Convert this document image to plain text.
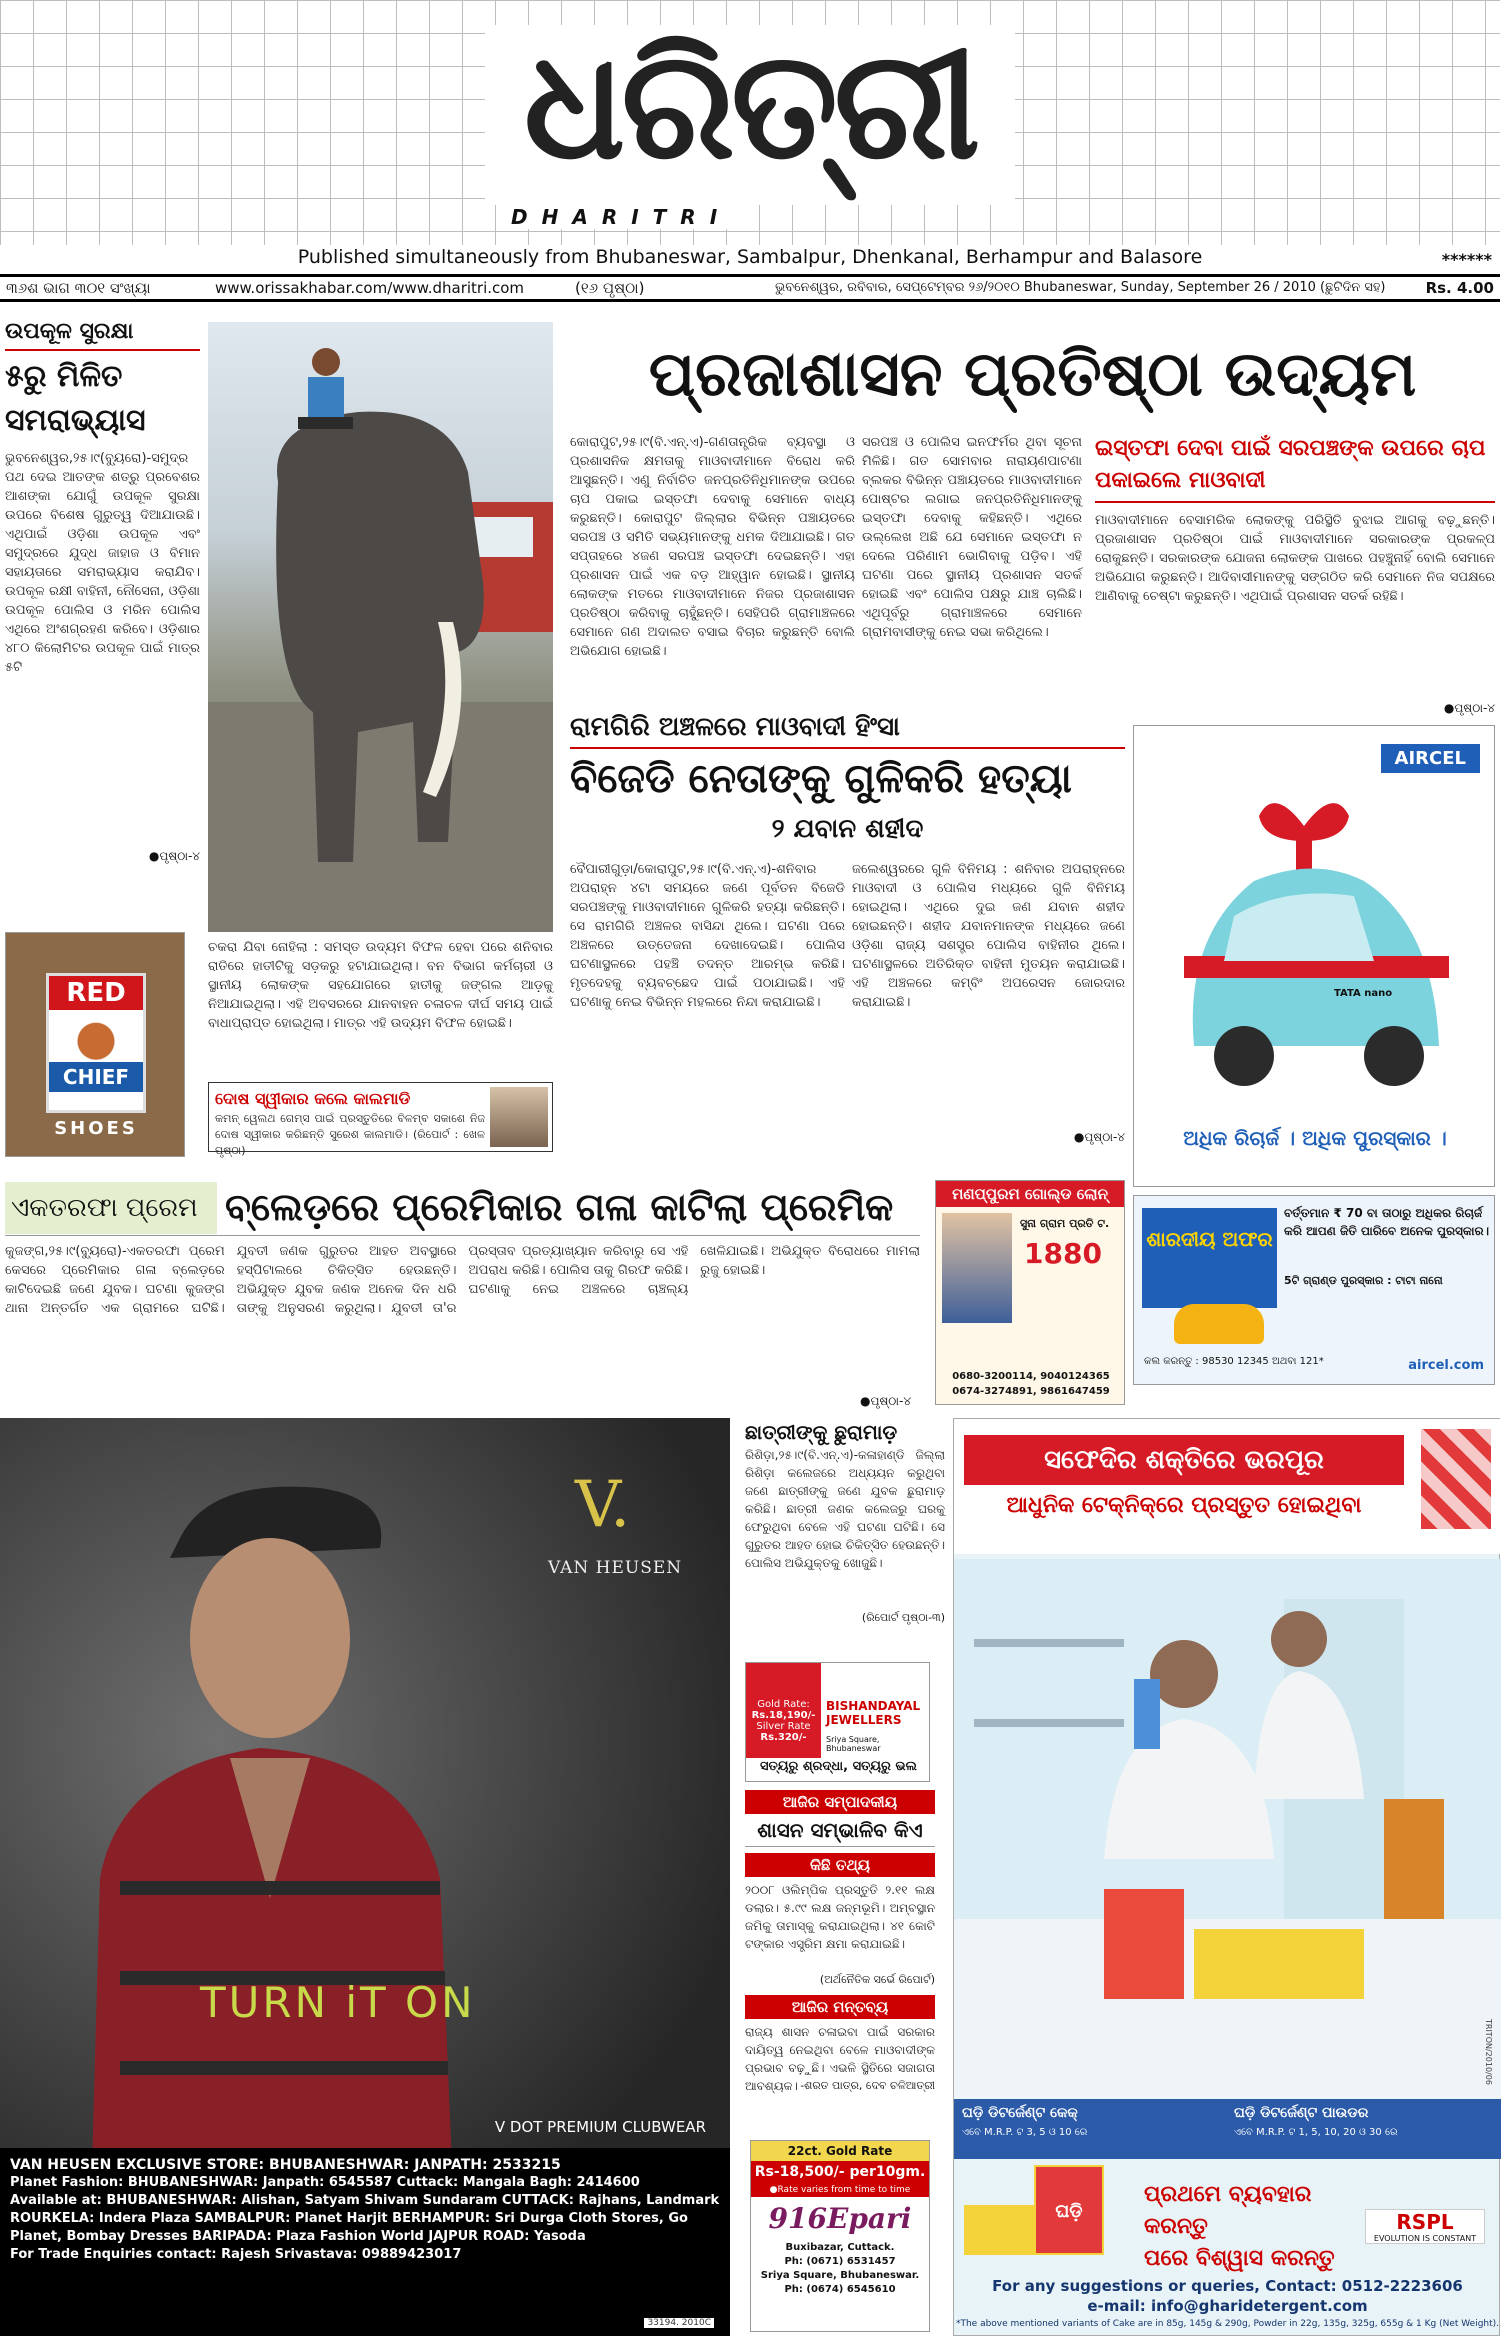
ଧରିତ୍ରୀ
DHARITRI
Published simultaneously from Bhubaneswar, Sambalpur, Dhenkanal, Berhampur and Balasore	******
୩୬ଶ ଭାଗ ୩୦୧ ସଂଖ୍ୟା	www.orissakhabar.com/www.dharitri.com	(୧୬ ପୃଷ୍ଠା)	ଭୁବନେଶ୍ୱର, ରବିବାର, ସେପ୍ଟେମ୍ବର ୨୬/୨୦୧୦ Bhubaneswar, Sunday, September 26 / 2010 (ଛୁଟିଦିନ ସହ)	Rs. 4.00
ଉପକୂଳ ସୁରକ୍ଷା
୫ରୁ ମିଳିତ ସମରାଭ୍ୟାସ
ଭୁବନେଶ୍ୱର,୨୫।୯(ବ୍ୟୁରୋ)-ସମୁଦ୍ର ପଥ ଦେଇ ଆତଙ୍କ ଶତ୍ରୁ ପ୍ରବେଶର ଆଶଙ୍କା ଯୋଗୁଁ ଉପକୂଳ ସୁରକ୍ଷା ଉପରେ ବିଶେଷ ଗୁରୁତ୍ୱ ଦିଆଯାଉଛି। ଏଥିପାଇଁ ଓଡ଼ିଶା ଉପକୂଳ ଏବଂ ସମୁଦ୍ରରେ ଯୁଦ୍ଧ ଜାହାଜ ଓ ବିମାନ ସହାୟତାରେ ସମରାଭ୍ୟାସ କରାଯିବ। ଉପକୂଳ ରକ୍ଷୀ ବାହିନୀ, ନୌସେନା, ଓଡ଼ିଶା ଉପକୂଳ ପୋଲିସ ଓ ମରିନ ପୋଲିସ ଏଥିରେ ଅଂଶଗ୍ରହଣ କରିବେ। ଓଡ଼ିଶାର ୪୮୦ କିଲୋମିଟର ଉପକୂଳ ପାଇଁ ମାତ୍ର ୫ଟି
●ପୃଷ୍ଠା-୪
RED
CHIEF
SHOES
ପ୍ରଜାଶାସନ ପ୍ରତିଷ୍ଠା ଉଦ୍ୟମ
କୋରାପୁଟ,୨୫।୯(ବି.ଏନ୍.ଏ)-ଗଣତାନ୍ତ୍ରିକ ବ୍ୟବସ୍ଥା ଓ ପ୍ରଶାସନିକ କ୍ଷମତାକୁ ମାଓବାଦୀମାନେ ବିରୋଧ କରି ଆସୁଛନ୍ତି। ଏଣୁ ନିର୍ବାଚିତ ଜନପ୍ରତିନିଧିମାନଙ୍କ ଉପରେ ଚାପ ପକାଇ ଇସ୍ତଫା ଦେବାକୁ ସେମାନେ ବାଧ୍ୟ କରୁଛନ୍ତି। କୋରାପୁଟ ଜିଲ୍ଲାର ବିଭିନ୍ନ ପଞ୍ଚାୟତରେ ସରପଞ୍ଚ ଓ ସମିତି ସଭ୍ୟମାନଙ୍କୁ ଧମକ ଦିଆଯାଇଛି। ଗତ ସପ୍ତାହରେ ୪ଜଣ ସରପଞ୍ଚ ଇସ୍ତଫା ଦେଇଛନ୍ତି। ଏହା ପ୍ରଶାସନ ପାଇଁ ଏକ ବଡ଼ ଆହ୍ୱାନ ହୋଇଛି। ସ୍ଥାନୀୟ ଲୋକଙ୍କ ମତରେ ମାଓବାଦୀମାନେ ନିଜର ପ୍ରଜାଶାସନ ପ୍ରତିଷ୍ଠା କରିବାକୁ ଚାହୁଁଛନ୍ତି। ସେହିପରି ଗ୍ରାମାଞ୍ଚଳରେ ସେମାନେ ଗଣ ଅଦାଲତ ବସାଇ ବିଚାର କରୁଛନ୍ତି ବୋଲି ଅଭିଯୋଗ ହୋଇଛି।
ସରପଞ୍ଚ ଓ ପୋଲିସ ଇନଫର୍ମର ଥିବା ସୂଚନା ମିଳିଛି। ଗତ ସୋମବାର ନାରାୟଣପାଟଣା ବ୍ଲକର ବିଭିନ୍ନ ପଞ୍ଚାୟତରେ ମାଓବାଦୀମାନେ ପୋଷ୍ଟର ଲଗାଇ ଜନପ୍ରତିନିଧିମାନଙ୍କୁ ଇସ୍ତଫା ଦେବାକୁ କହିଛନ୍ତି। ଏଥିରେ ଉଲ୍ଲେଖ ଅଛି ଯେ ସେମାନେ ଇସ୍ତଫା ନ ଦେଲେ ପରିଣାମ ଭୋଗିବାକୁ ପଡ଼ିବ। ଏହି ଘଟଣା ପରେ ସ୍ଥାନୀୟ ପ୍ରଶାସନ ସତର୍କ ହୋଇଛି ଏବଂ ପୋଲିସ ପକ୍ଷରୁ ଯାଞ୍ଚ ଚାଲିଛି। ଏଥିପୂର୍ବରୁ ଗ୍ରାମାଞ୍ଚଳରେ ସେମାନେ ଗ୍ରାମବାସୀଙ୍କୁ ନେଇ ସଭା କରିଥିଲେ।
ଇସ୍ତଫା ଦେବା ପାଇଁ ସରପଞ୍ଚଙ୍କ ଉପରେ ଚାପ ପକାଇଲେ ମାଓବାଦୀ
ମାଓବାଦୀମାନେ ବେସାମରିକ ଲୋକଙ୍କୁ ପରିସ୍ଥିତି ବୁଝାଇ ଆଗକୁ ବଢ଼ୁଛନ୍ତି। ପ୍ରଜାଶାସନ ପ୍ରତିଷ୍ଠା ପାଇଁ ମାଓବାଦୀମାନେ ସରକାରଙ୍କ ପ୍ରକଳ୍ପ ରୋକୁଛନ୍ତି। ସରକାରଙ୍କ ଯୋଜନା ଲୋକଙ୍କ ପାଖରେ ପହଞ୍ଚୁନାହିଁ ବୋଲି ସେମାନେ ଅଭିଯୋଗ କରୁଛନ୍ତି। ଆଦିବାସୀମାନଙ୍କୁ ସଙ୍ଗଠିତ କରି ସେମାନେ ନିଜ ସପକ୍ଷରେ ଆଣିବାକୁ ଚେଷ୍ଟା କରୁଛନ୍ତି। ଏଥିପାଇଁ ପ୍ରଶାସନ ସତର୍କ ରହିଛି।
●ପୃଷ୍ଠା-୪
ରାମଗିରି ଅଞ୍ଚଳରେ ମାଓବାଦୀ ହିଂସା
ବିଜେଡି ନେତାଙ୍କୁ ଗୁଳିକରି ହତ୍ୟା
୨ ଯବାନ ଶହୀଦ
ବୈପାରୀଗୁଡ଼ା/କୋରାପୁଟ,୨୫।୯(ବି.ଏନ୍.ଏ)-ଶନିବାର ଅପରାହ୍ନ ୪ଟା ସମୟରେ ଜଣେ ପୂର୍ବତନ ବିଜେଡି ସରପଞ୍ଚଙ୍କୁ ମାଓବାଦୀମାନେ ଗୁଳିକରି ହତ୍ୟା କରିଛନ୍ତି। ସେ ରାମଗିରି ଅଞ୍ଚଳର ବାସିନ୍ଦା ଥିଲେ। ଘଟଣା ପରେ ଅଞ୍ଚଳରେ ଉତ୍ତେଜନା ଦେଖାଦେଇଛି। ପୋଲିସ ଘଟଣାସ୍ଥଳରେ ପହଞ୍ଚି ତଦନ୍ତ ଆରମ୍ଭ କରିଛି। ମୃତଦେହକୁ ବ୍ୟବଚ୍ଛେଦ ପାଇଁ ପଠାଯାଇଛି। ଏହି ଘଟଣାକୁ ନେଇ ବିଭିନ୍ନ ମହଲରେ ନିନ୍ଦା କରାଯାଇଛି।
ଜଲେଶ୍ୱରରେ ଗୁଳି ବିନିମୟ : ଶନିବାର ଅପରାହ୍ନରେ ମାଓବାଦୀ ଓ ପୋଲିସ ମଧ୍ୟରେ ଗୁଳି ବିନିମୟ ହୋଇଥିଲା। ଏଥିରେ ଦୁଇ ଜଣ ଯବାନ ଶହୀଦ ହୋଇଛନ୍ତି। ଶହୀଦ ଯବାନମାନଙ୍କ ମଧ୍ୟରେ ଜଣେ ଓଡ଼ିଶା ରାଜ୍ୟ ସଶସ୍ତ୍ର ପୋଲିସ ବାହିନୀର ଥିଲେ। ଘଟଣାସ୍ଥଳରେ ଅତିରିକ୍ତ ବାହିନୀ ମୁତୟନ କରାଯାଇଛି। ଏହି ଅଞ୍ଚଳରେ କମ୍ବିଂ ଅପରେସନ ଜୋରଦାର କରାଯାଇଛି।
●ପୃଷ୍ଠା-୪
ଚକରା ଯିବା ନୋହିଲା : ସମସ୍ତ ଉଦ୍ୟମ ବିଫଳ ହେବା ପରେ ଶନିବାର ରାତିରେ ହାତୀଟିକୁ ସଡ଼କରୁ ହଟାଯାଇଥିଲା। ବନ ବିଭାଗ କର୍ମଚାରୀ ଓ ସ୍ଥାନୀୟ ଲୋକଙ୍କ ସହଯୋଗରେ ହାତୀକୁ ଜଙ୍ଗଲ ଆଡ଼କୁ ନିଆଯାଇଥିଲା। ଏହି ଅବସରରେ ଯାନବାହନ ଚଳାଚଳ ଦୀର୍ଘ ସମୟ ପାଇଁ ବାଧାପ୍ରାପ୍ତ ହୋଇଥିଲା। ମାତ୍ର ଏହି ଉଦ୍ୟମ ବିଫଳ ହୋଇଛି।
ଦୋଷ ସ୍ୱୀକାର କଲେ କାଲମାଡି
କମନ୍ ୱେଲଥ ଗେମ୍ସ ପାଇଁ ପ୍ରସ୍ତୁତିରେ ବିଳମ୍ବ ସକାଶେ ନିଜ ଦୋଷ ସ୍ୱୀକାର କରିଛନ୍ତି ସୁରେଶ କାଲମାଡି। (ରିପୋର୍ଟ : ଖେଳ ପୃଷ୍ଠା)
AIRCEL
TATA nano
ଅଧିକ ରିଚାର୍ଜ । ଅଧିକ ପୁରସ୍କାର ।
ଶାରଦୀୟ ଅଫର
ବର୍ତ୍ତମାନ ₹ 70 ବା ତାଠାରୁ ଅଧିକର ରିଚାର୍ଜ କରି ଆପଣ ଜିତି ପାରିବେ ଅନେକ ପୁରସ୍କାର।
5ଟି ଗ୍ରାଣ୍ଡ ପୁରସ୍କାର : ଟାଟା ନାନୋ
କଲ କରନ୍ତୁ : 98530 12345 ଅଥବା 121*	aircel.com
ଏକତରଫା ପ୍ରେମ ବ୍ଲେଡ଼ରେ ପ୍ରେମିକାର ଗଳା କାଟିଲା ପ୍ରେମିକ
କୁଜଙ୍ଗ,୨୫।୯(ବ୍ୟୁରୋ)-ଏକତରଫା ପ୍ରେମ କେସରେ ପ୍ରେମିକାର ଗଳା ବ୍ଲେଡ଼ରେ କାଟିଦେଇଛି ଜଣେ ଯୁବକ। ଘଟଣା କୁଜଙ୍ଗ ଥାନା ଅନ୍ତର୍ଗତ ଏକ ଗ୍ରାମରେ ଘଟିଛି। ଯୁବତୀ ଜଣକ ଗୁରୁତର ଆହତ ଅବସ୍ଥାରେ ହସ୍ପିଟାଲରେ ଚିକିତ୍ସିତ ହେଉଛନ୍ତି। ଅଭିଯୁକ୍ତ ଯୁବକ ଜଣକ ଅନେକ ଦିନ ଧରି ତାଙ୍କୁ ଅନୁସରଣ କରୁଥିଲା। ଯୁବତୀ ତା'ର ପ୍ରସ୍ତାବ ପ୍ରତ୍ୟାଖ୍ୟାନ କରିବାରୁ ସେ ଏହି ଅପରାଧ କରିଛି। ପୋଲିସ ତାକୁ ଗିରଫ କରିଛି। ଘଟଣାକୁ ନେଇ ଅଞ୍ଚଳରେ ଚାଞ୍ଚଲ୍ୟ ଖେଳିଯାଇଛି। ଅଭିଯୁକ୍ତ ବିରୋଧରେ ମାମଲା ରୁଜୁ ହୋଇଛି।
●ପୃଷ୍ଠା-୪
ମଣପ୍ପୁରମ ଗୋଲ୍ଡ ଲୋନ୍
ସୁନା ଗ୍ରାମ ପ୍ରତି ଟ.
1880
0680-3200114, 9040124365
0674-3274891, 9861647459
V.
VAN HEUSEN
TURN iT ON
V DOT PREMIUM CLUBWEAR
VAN HEUSEN EXCLUSIVE STORE: BHUBANESHWAR: JANPATH: 2533215
Planet Fashion: BHUBANESHWAR: Janpath: 6545587 Cuttack: Mangala Bagh: 2414600
Available at: BHUBANESHWAR: Alishan, Satyam Shivam Sundaram CUTTACK: Rajhans, Landmark
ROURKELA: Indera Plaza SAMBALPUR: Planet Harjit BERHAMPUR: Sri Durga Cloth Stores, Go
Planet, Bombay Dresses BARIPADA: Plaza Fashion World JAJPUR ROAD: Yasoda
For Trade Enquiries contact: Rajesh Srivastava: 09889423017
33194. 2010C
ଛାତ୍ରୀଙ୍କୁ ଛୁରାମାଡ଼
ରିଶିଡ଼ା,୨୫।୯(ବି.ଏନ୍.ଏ)-କଳାହାଣ୍ଡି ଜିଲ୍ଲା ରିଶିଡ଼ା କଲେଜରେ ଅଧ୍ୟୟନ କରୁଥିବା ଜଣେ ଛାତ୍ରୀଙ୍କୁ ଜଣେ ଯୁବକ ଛୁରାମାଡ଼ କରିଛି। ଛାତ୍ରୀ ଜଣକ କଲେଜରୁ ଘରକୁ ଫେରୁଥିବା ବେଳେ ଏହି ଘଟଣା ଘଟିଛି। ସେ ଗୁରୁତର ଆହତ ହୋଇ ଚିକିତ୍ସିତ ହେଉଛନ୍ତି। ପୋଲିସ ଅଭିଯୁକ୍ତକୁ ଖୋଜୁଛି।
(ରିପୋର୍ଟ ପୃଷ୍ଠା-୩)
Gold Rate:
Rs.18,190/-
Silver Rate
Rs.320/-
BISHANDAYAL JEWELLERS
Sriya Square, Bhubaneswar
ସତ୍ୟରୁ ଶ୍ରଦ୍ଧା, ସତ୍ୟରୁ ଭଲ
ଆଜିର ସମ୍ପାଦକୀୟ
ଶାସନ ସମ୍ଭାଳିବ କିଏ
କିଛି ତଥ୍ୟ
୨୦୦୮ ଓଲିମ୍ପିକ ପ୍ରସ୍ତୁତି ୨.୧୧ ଲକ୍ଷ ଡଲାର। ୫.୯୯ ଲକ୍ଷ ଜନ୍ମଭୂମି। ଅମ୍ବସ୍ଥାନ ଜମିକୁ ତାମାସ୍କୁ କରାଯାଇଥିଲା। ୪୧ କୋଟି ଟଙ୍କାର ଏସ୍ତ୍ରିମ କ୍ଷମା କରାଯାଇଛି।
(ଅର୍ଥନୈତିକ ସର୍ଭେ ରିପୋର୍ଟ)
ଆଜିର ମନ୍ତବ୍ୟ
ରାଜ୍ୟ ଶାସନ ଚଳାଇବା ପାଇଁ ସରକାର ଦାୟିତ୍ୱ ନେଇଥିବା ବେଳେ ମାଓବାଦୀଙ୍କ ପ୍ରଭାବ ବଢ଼ୁଛି। ଏଭଳି ସ୍ଥିତିରେ ସଜାଗତା ଆବଶ୍ୟକ। -ଶରତ ପାତ୍ର, ଦେବ ଚଳିଆତ୍ରୀ
22ct. Gold Rate
Rs-18,500/- per10gm.
●Rate varies from time to time
916Epari
Buxibazar, Cuttack.
Ph: (0671) 6531457
Sriya Square, Bhubaneswar.
Ph: (0674) 6545610
ସଫେଦିର ଶକ୍ତିରେ ଭରପୂର
ଆଧୁନିକ ଟେକ୍ନିକ୍‌ରେ ପ୍ରସ୍ତୁତ ହୋଇଥିବା
ଘଡ଼ି ଡିଟର୍ଜେଣ୍ଟ କେକ୍
ଏବେ M.R.P. ଟ 3, 5 ଓ 10 ରେ
ଘଡ଼ି ଡିଟର୍ଜେଣ୍ଟ ପାଉଡର
ଏବେ M.R.P. ଟ 1, 5, 10, 20 ଓ 30 ରେ
TRITON/2010/06
ଘଡ଼ି
ପ୍ରଥମେ ବ୍ୟବହାର କରନ୍ତୁ
ପରେ ବିଶ୍ୱାସ କରନ୍ତୁ
RSPL
EVOLUTION IS CONSTANT
For any suggestions or queries, Contact: 0512-2223606
e-mail: info@gharidetergent.com
*The above mentioned variants of Cake are in 85g, 145g & 290g, Powder in 22g, 135g, 325g, 655g & 1 Kg (Net Weight).
